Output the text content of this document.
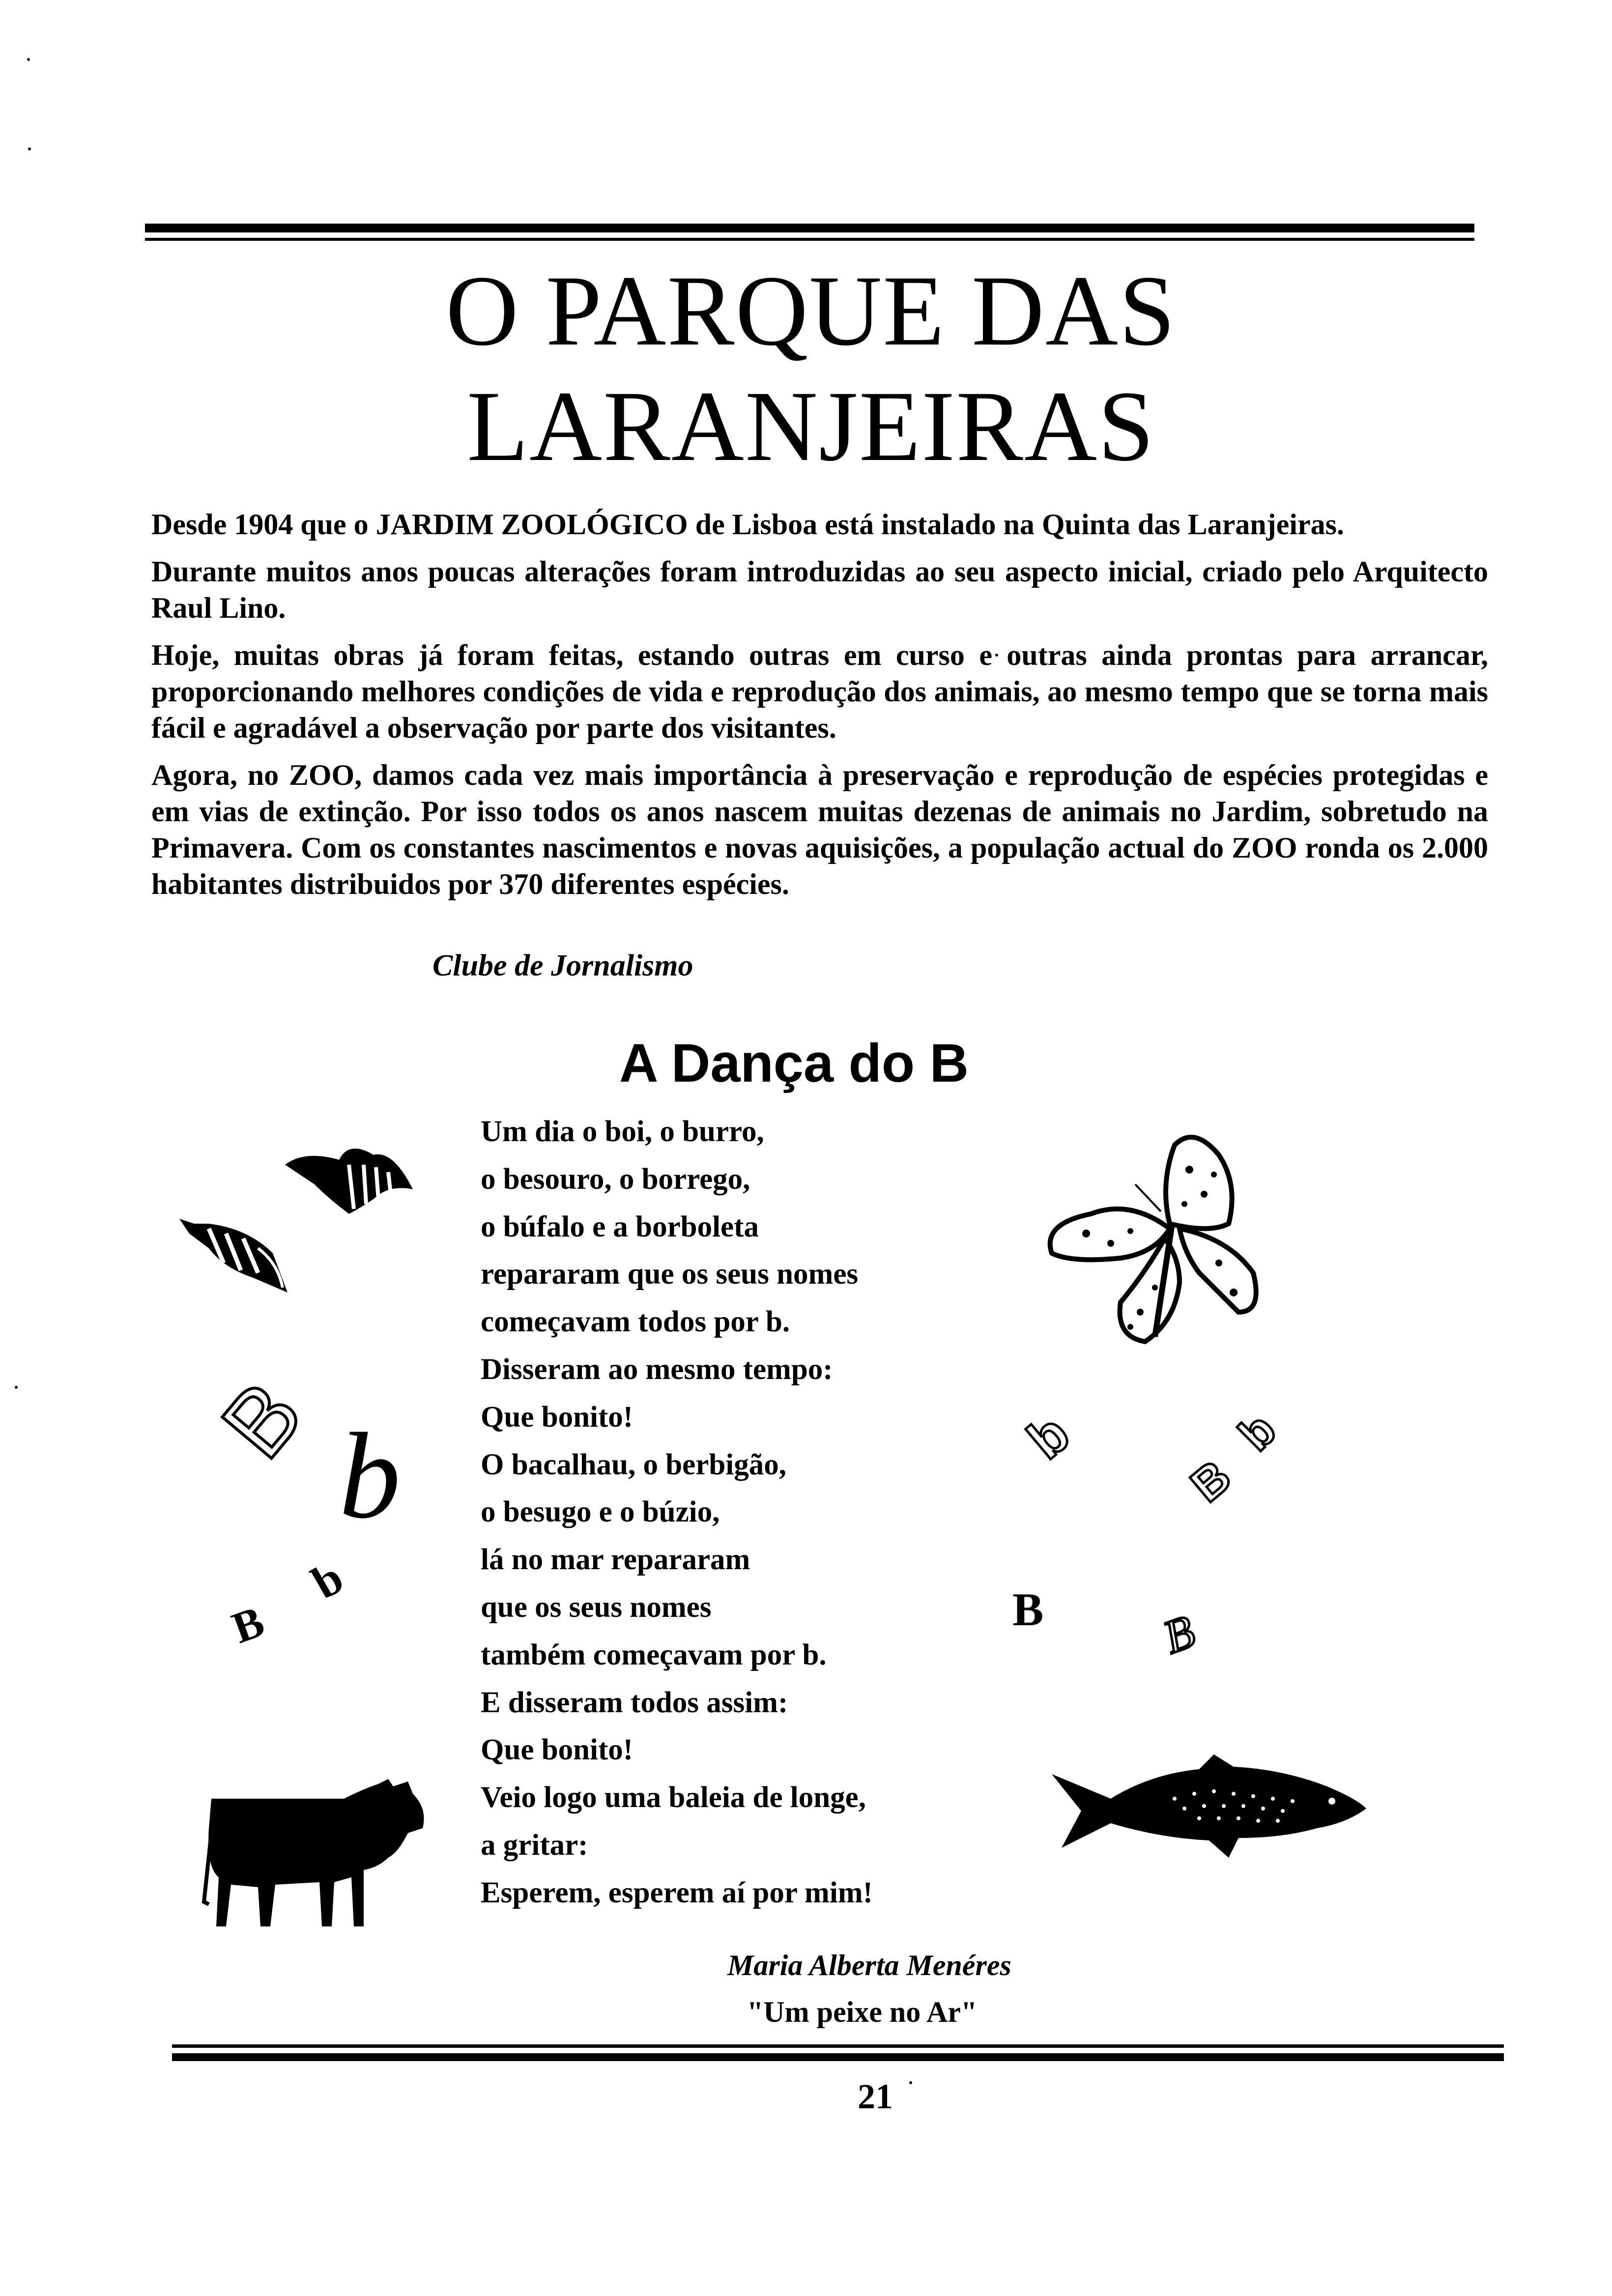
O PARQUE DAS
LARANJEIRAS

Desde 1904 que o JARDIM ZOOLÓGICO de Lisboa está instalado na Quinta das Laranjeiras.

Durante muitos anos poucas alterações foram introduzidas ao seu aspecto inicial, criado pelo Arquitecto Raul Lino.

Hoje, muitas obras já foram feitas, estando outras em curso e outras ainda prontas para arrancar, proporcionando melhores condições de vida e reprodução dos animais, ao mesmo tempo que se torna mais fácil e agradável a observação por parte dos visitantes.

Agora, no ZOO, damos cada vez mais importância à preservação e reprodução de espécies protegidas e em vias de extinção. Por isso todos os anos nascem muitas dezenas de animais no Jardim, sobretudo na Primavera. Com os constantes nascimentos e novas aquisições, a população actual do ZOO ronda os 2.000 habitantes distribuidos por 370 diferentes espécies.

Clube de Jornalismo
A Dança do B
Um dia o boi, o burro,
o besouro, o borrego,
o búfalo e a borboleta
repararam que os seus nomes
começavam todos por b.
Disseram ao mesmo tempo:
Que bonito!
O bacalhau, o berbigão,
o besugo e o búzio,
lá no mar repararam
que os seus nomes
também começavam por b.
E disseram todos assim:
Que bonito!
Veio logo uma baleia de longe,
a gritar:
Esperem, esperem aí por mim!
B b
b
B
b	b
B
B B
Maria Alberta Menéres
"Um peixe no Ar"
21
